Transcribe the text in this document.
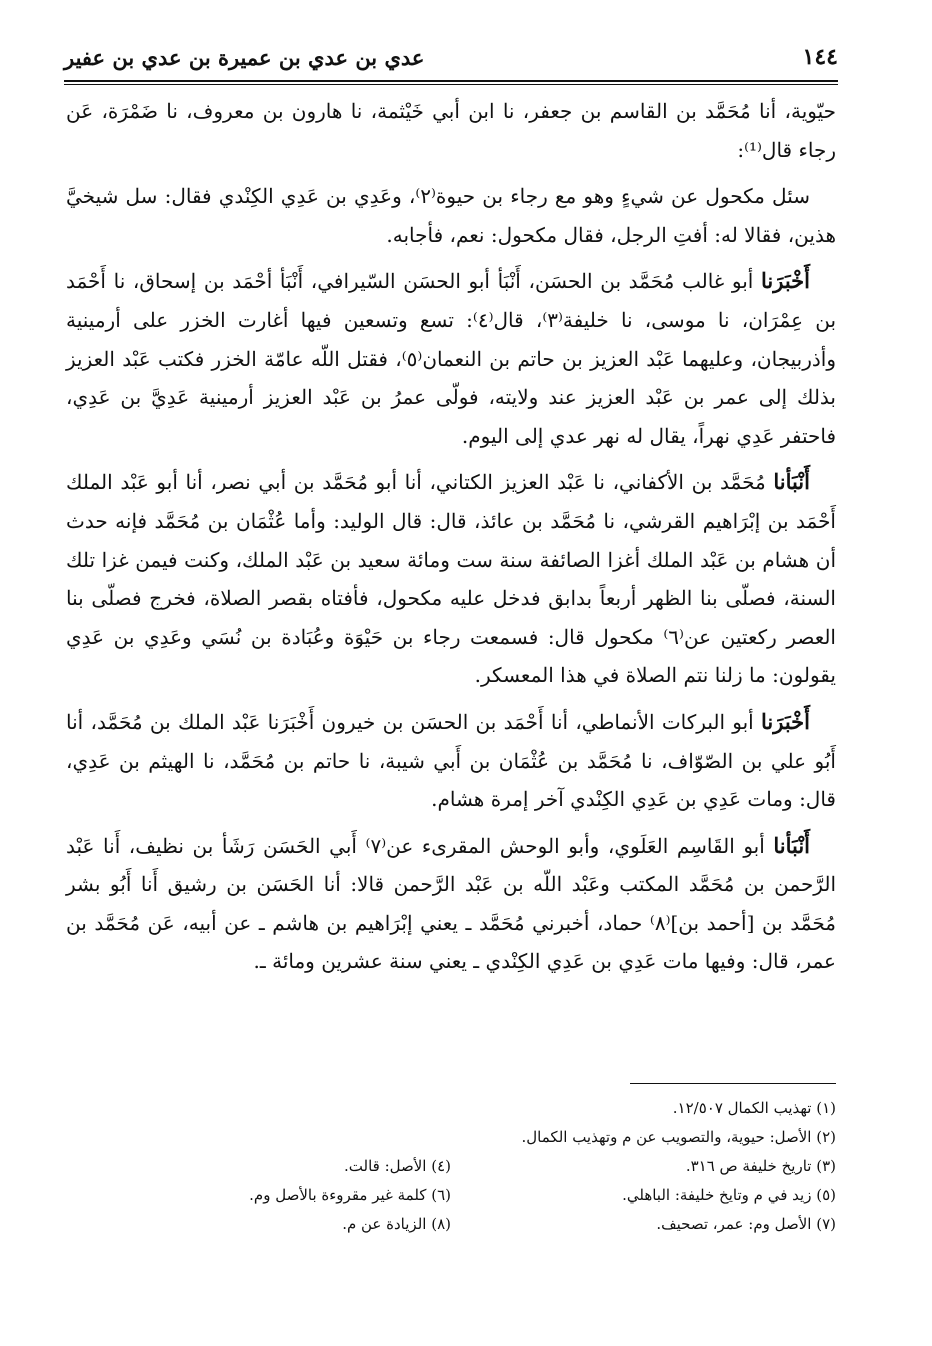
١٤٤
عدي بن عدي بن عميرة بن عدي بن عفير

حيّوية، أنا مُحَمَّد بن القاسم بن جعفر، نا ابن أبي خَيْثمة، نا هارون بن معروف، نا ضَمْرَة، عَن رجاء قال⁽¹⁾:

سئل مكحول عن شيءٍ وهو مع رجاء بن حيوة⁽٢⁾، وعَدِي بن عَدِي الكِنْدي فقال: سل شيخيَّ هذين، فقالا له: أفتِ الرجل، فقال مكحول: نعم، فأجابه.

أَخْبَرَنا أبو غالب مُحَمَّد بن الحسَن، أَنْبَأ أبو الحسَن السّيرافي، أَنْبَأ أحْمَد بن إسحاق، نا أَحْمَد بن عِمْرَان، نا موسى، نا خليفة⁽٣⁾، قال⁽٤⁾: تسع وتسعين فيها أغارت الخزر على أرمينية وأذربيجان، وعليهما عَبْد العزيز بن حاتم بن النعمان⁽٥⁾، فقتل اللّه عامّة الخزر فكتب عَبْد العزيز بذلك إلى عمر بن عَبْد العزيز عند ولايته، فولّى عمرُ بن عَبْد العزيز أرمينية عَدِيَّ بن عَدِي، فاحتفر عَدِي نهراً، يقال له نهر عدي إلى اليوم.

أَنْبَأنا مُحَمَّد بن الأكفاني، نا عَبْد العزيز الكتاني، أنا أبو مُحَمَّد بن أبي نصر، أنا أبو عَبْد الملك أَحْمَد بن إبْرَاهيم القرشي، نا مُحَمَّد بن عائذ، قال: قال الوليد: وأما عُثْمَان بن مُحَمَّد فإنه حدث أن هشام بن عَبْد الملك أغزا الصائفة سنة ست ومائة سعيد بن عَبْد الملك، وكنت فيمن غزا تلك السنة، فصلّى بنا الظهر أربعاً بدابق فدخل عليه مكحول، فأفتاه بقصر الصلاة، فخرج فصلّى بنا العصر ركعتين عن⁽٦⁾ مكحول قال: فسمعت رجاء بن حَيْوَة وعُبَادة بن نُسَي وعَدِي بن عَدِي يقولون: ما زلنا نتم الصلاة في هذا المعسكر.

أَخْبَرَنا أبو البركات الأنماطي، أنا أَحْمَد بن الحسَن بن خيرون أَخْبَرَنا عَبْد الملك بن مُحَمَّد، أنا أَبُو علي بن الصّوّاف، نا مُحَمَّد بن عُثْمَان بن أَبي شيبة، نا حاتم بن مُحَمَّد، نا الهيثم بن عَدِي، قال: ومات عَدِي بن عَدِي الكِنْدي آخر إمرة هشام.

أَنْبَأنا أبو القَاسِم العَلَوي، وأبو الوحش المقرىء عن⁽٧⁾ أَبي الحَسَن رَشَأ بن نظيف، أَنا عَبْد الرَّحمن بن مُحَمَّد المكتب وعَبْد اللّه بن عَبْد الرَّحمن قالا: أنا الحَسَن بن رشيق أَنا أَبُو بشر مُحَمَّد بن [أحمد بن]⁽٨⁾ حماد، أخبرني مُحَمَّد ـ يعني إبْرَاهيم بن هاشم ـ عن أبيه، عَن مُحَمَّد بن عمر، قال: وفيها مات عَدِي بن عَدِي الكِنْدي ـ يعني سنة عشرين ومائة ـ.

(١) تهذيب الكمال ١٢/٥٠٧.
(٢) الأصل: حيوية، والتصويب عن م وتهذيب الكمال.
(٣) تاريخ خليفة ص ٣١٦.
(٤) الأصل: قالت.
(٥) زيد في م وتايخ خليفة: الباهلي.
(٦) كلمة غير مقروءة بالأصل وم.
(٧) الأصل وم: عمر، تصحيف.
(٨) الزيادة عن م.
